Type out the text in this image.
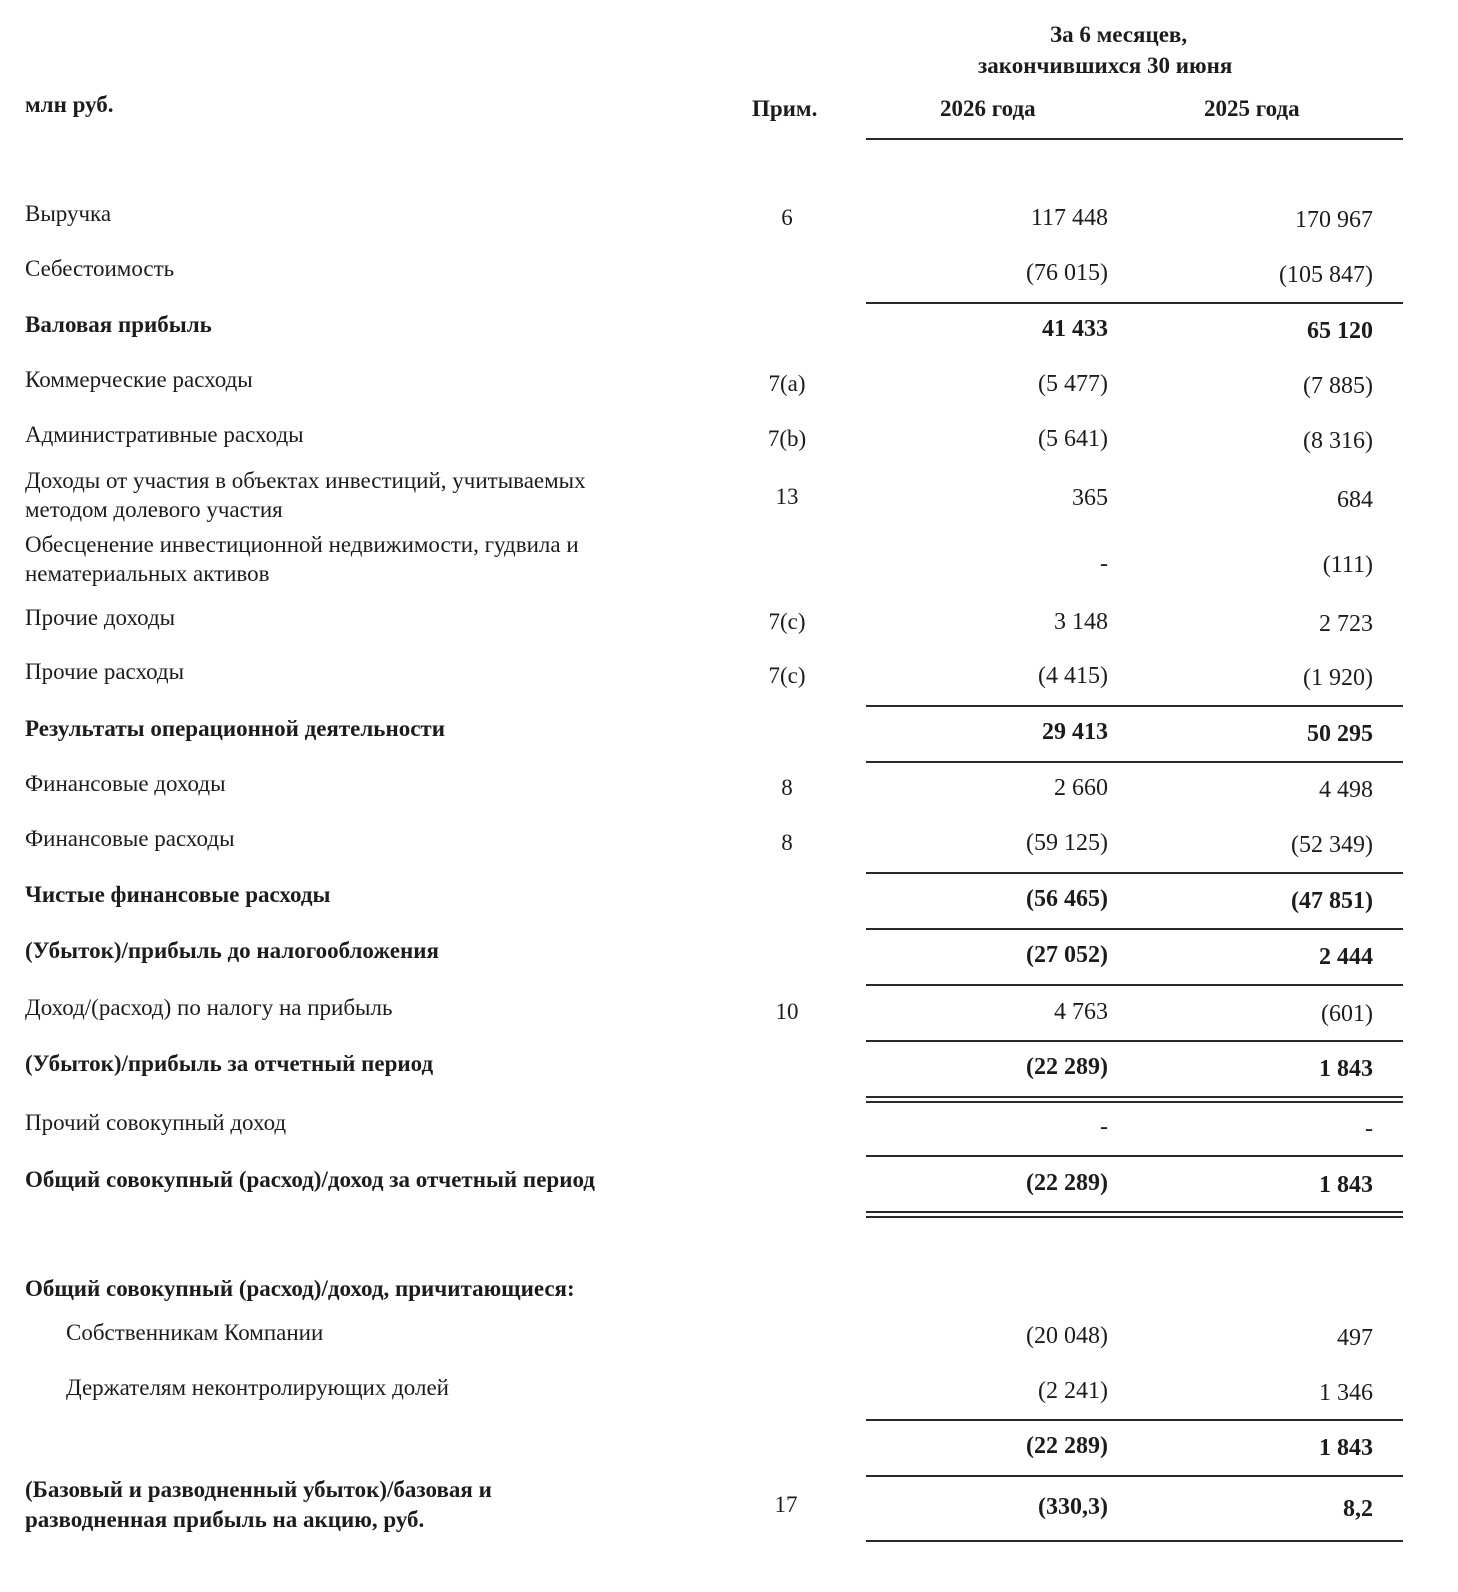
За 6 месяцев,
закончившихся 30 июня
млн руб.	Прим.	2026 года	2025 года
Выручка	6	117 448	170 967
Себестоимость	(76 015)	(105 847)
Валовая прибыль	41 433	65 120
Коммерческие расходы	7(a)	(5 477)	(7 885)
Административные расходы	7(b)	(5 641)	(8 316)
Доходы от участия в объектах инвестиций, учитываемых
методом долевого участия
13	365	684
Обесценение инвестиционной недвижимости, гудвила и
нематериальных активов	-	(111)
Прочие доходы	7(c)	3 148	2 723
Прочие расходы	7(c)	(4 415)	(1 920)
Результаты операционной деятельности	29 413	50 295
Финансовые доходы	8	2 660	4 498
Финансовые расходы	8	(59 125)	(52 349)
Чистые финансовые расходы	(56 465)	(47 851)
(Убыток)/прибыль до налогообложения	(27 052)	2 444
Доход/(расход) по налогу на прибыль	10	4 763	(601)
(Убыток)/прибыль за отчетный период	(22 289)	1 843
Прочий совокупный доход	-	-
Общий совокупный (расход)/доход за отчетный период	(22 289)	1 843
Общий совокупный (расход)/доход, причитающиеся:
Собственникам Компании	(20 048)	497
Держателям неконтролирующих долей	(2 241)	1 346
(22 289)	1 843
(Базовый и разводненный убыток)/базовая и
разводненная прибыль на акцию, руб.
17	(330,3)	8,2
